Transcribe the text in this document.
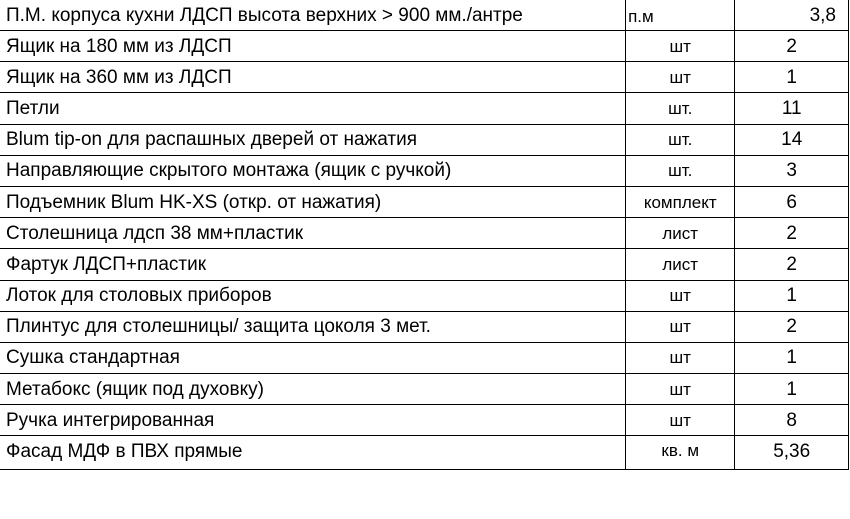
П.М. корпуса кухни ЛДСП высота верхних > 900 мм./антре	п.м	3,8
Ящик на 180 мм из ЛДСП	шт	2
Ящик на 360 мм из ЛДСП	шт	1
Петли	шт.	11
Blum tip-on для распашных дверей от нажатия	шт.	14
Направляющие скрытого монтажа (ящик с ручкой)	шт.	3
Подъемник Blum HK-XS (откр. от нажатия)	комплект	6
Столешница лдсп 38 мм+пластик	лист	2
Фартук ЛДСП+пластик	лист	2
Лоток для столовых приборов	шт	1
Плинтус для столешницы/ защита цоколя 3 мет.	шт	2
Сушка стандартная	шт	1
Метабокс (ящик под духовку)	шт	1
Ручка интегрированная	шт	8
Фасад МДФ в ПВХ прямые	кв. м	5,36
